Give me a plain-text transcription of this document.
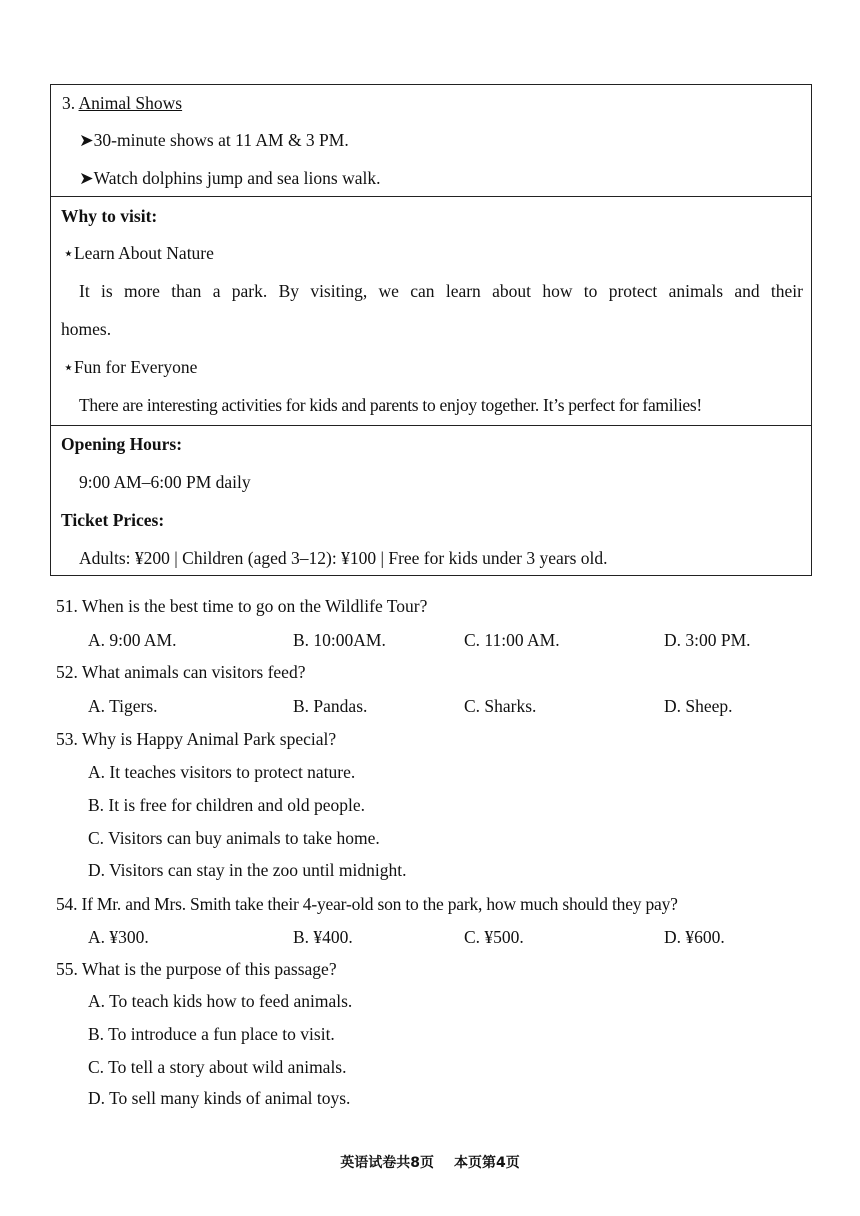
3. Animal Shows
➤30-minute shows at 11 AM & 3 PM.
➤Watch dolphins jump and sea lions walk.
Why to visit:
⋆Learn About Nature
It is more than a park. By visiting, we can learn about how to protect animals and their
homes.
⋆Fun for Everyone
There are interesting activities for kids and parents to enjoy together. It’s perfect for families!
Opening Hours:
9:00 AM–6:00 PM daily
Ticket Prices:
Adults: ¥200 | Children (aged 3–12): ¥100 | Free for kids under 3 years old.
51. When is the best time to go on the Wildlife Tour?
A. 9:00 AM.	B. 10:00AM.	C. 11:00 AM.	D. 3:00 PM.
52. What animals can visitors feed?
A. Tigers.	B. Pandas.	C. Sharks.	D. Sheep.
53. Why is Happy Animal Park special?
A. It teaches visitors to protect nature.
B. It is free for children and old people.
C. Visitors can buy animals to take home.
D. Visitors can stay in the zoo until midnight.
54. If Mr. and Mrs. Smith take their 4-year-old son to the park, how much should they pay?
A. ¥300.	B. ¥400.	C. ¥500.	D. ¥600.
55. What is the purpose of this passage?
A. To teach kids how to feed animals.
B. To introduce a fun place to visit.
C. To tell a story about wild animals.
D. To sell many kinds of animal toys.
英语试卷共8页 本页第4页
